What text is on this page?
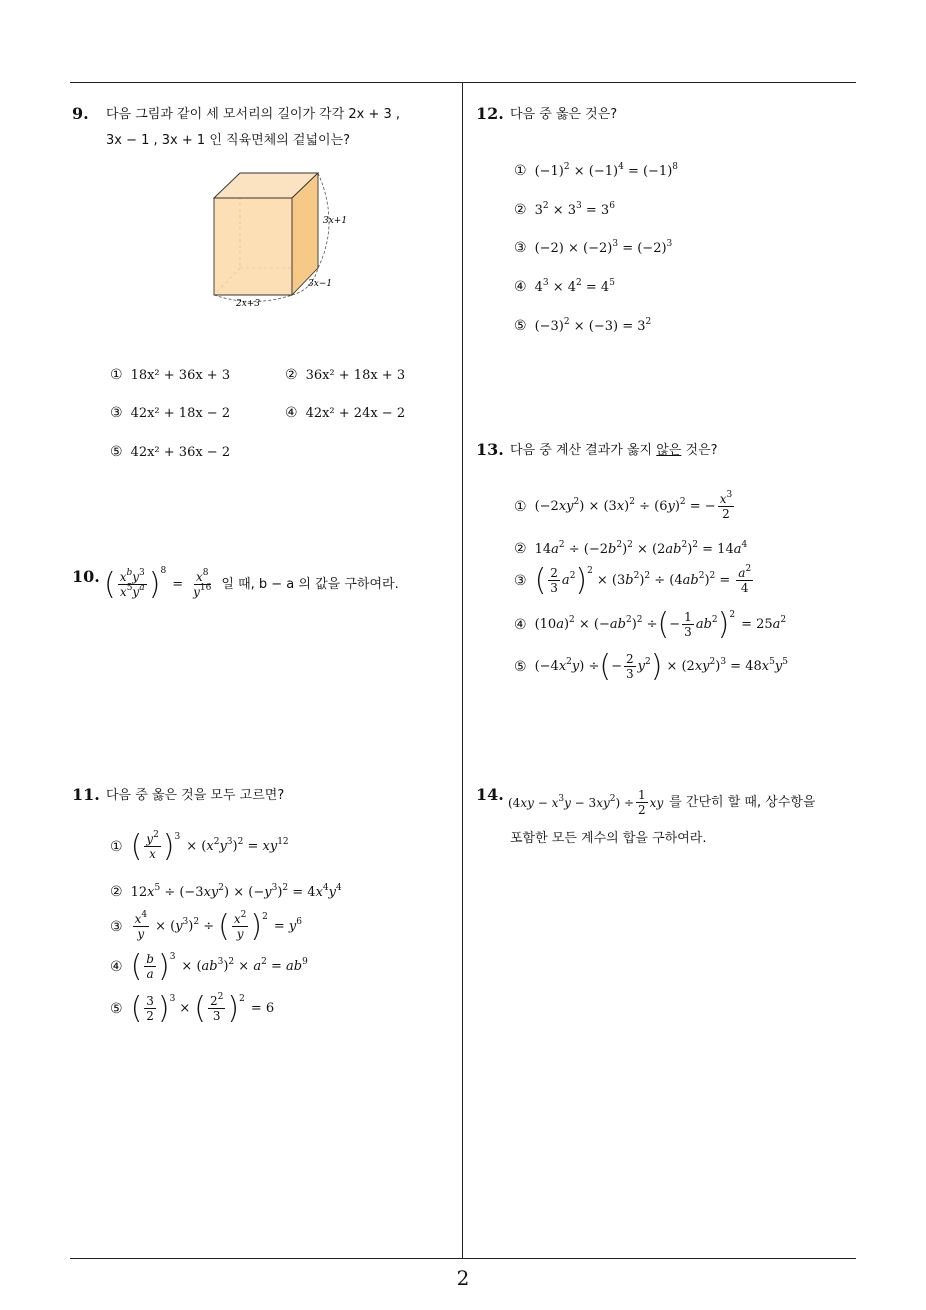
9. 다음 그림과 같이 세 모서리의 길이가 각각 2x + 3 ,
3x − 1 , 3x + 1 인 직육면체의 겉넓이는?
3x+1
3x−1
2x+3
① 18x² + 36x + 3	② 36x² + 18x + 3
③ 42x² + 18x − 2	④ 42x² + 24x − 2
⑤ 42x² + 36x − 2
10. ( $x^by^3$
$x^5y^a$ ) 8
= $\frac{x^8}{y^{16}}$ 일 때, b − a 의 값을 구하여라.
11. 다음 중 옳은 것을 모두 고르면?
① ( $y^2$
x ) 3
× $(x^2y^3)^2 = xy^{12}$
② $12x^5 \div (-3xy^2) \times (-y^3)^2 = 4x^4y^4$
③ $\frac{x^4}{y} \times (y^3)^2$ ÷ ( $x^2$
y ) 2
= $y^6$
④ ( b
a ) 3
× $(ab^3)^2 \times a^2 = ab^9$
⑤ ( 3
2 ) 3
× ( $2^2$
3 ) 2
= 6
12. 다음 중 옳은 것은?
① $(-1)^2 \times (-1)^4 = (-1)^8$
② $3^2 \times 3^3 = 3^6$
③ $(-2) \times (-2)^3 = (-2)^3$
④ $4^3 \times 4^2 = 4^5$
⑤ $(-3)^2 \times (-3) = 3^2$
13. 다음 중 계산 결과가 옳지 않은 것은?
① $(-2xy^2) \times (3x)^2 \div (6y)^2$ = − $\frac{x^3}{2}$
② $14a^2 \div (-2b^2)^2 \times (2ab^2)^2 = 14a^4$
③ ( 2
3 $a^2$ ) 2
× $(3b^2)^2 \div (4ab^2)^2 = \frac{a^2}{4}$
④ $(10a)^2 \times (-ab^2)^2$ ÷ ( − $\frac{1}{3} ab^2$ ) 2
= $25a^2$
⑤ $(-4x^2y)$ ÷ ( − $\frac{2}{3} y^2$ ) × $(2xy^2)^3 = 48x^5y^5$
14. $(4xy - x^3y - 3xy^2) \div \frac{1}{2}$ xy 를 간단히 할 때, 상수항을
포함한 모든 계수의 합을 구하여라.
2
